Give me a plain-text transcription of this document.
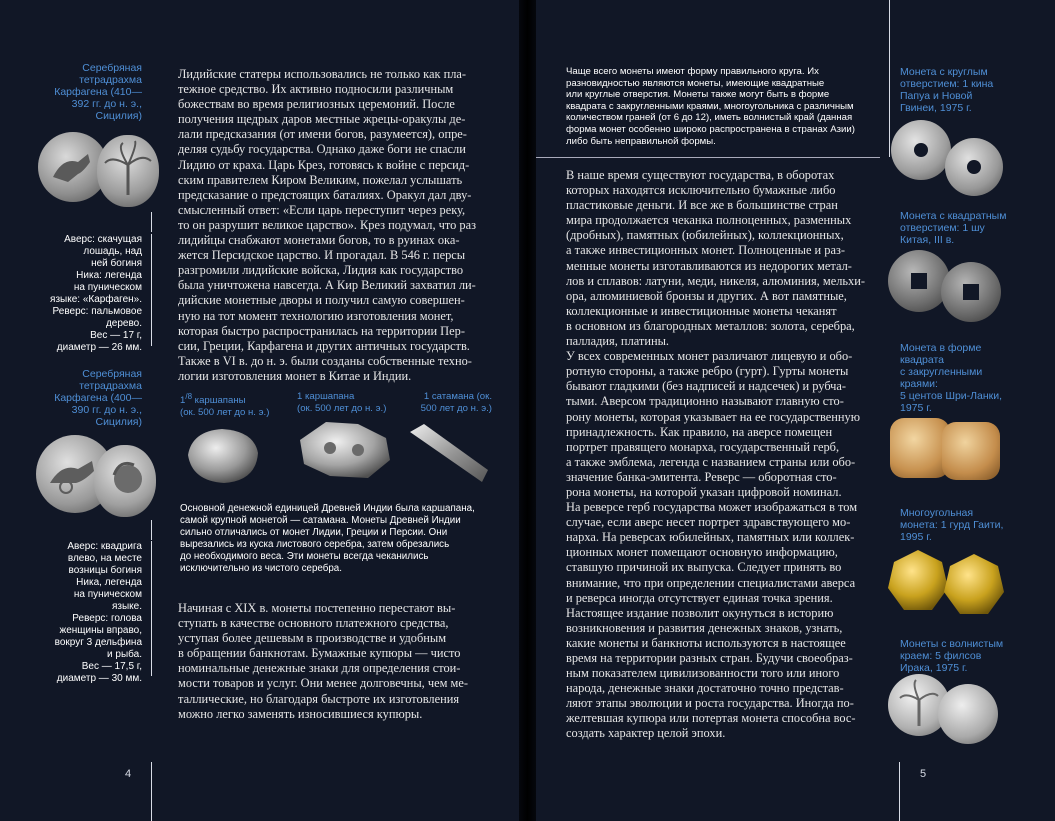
Серебряная
тетрадрахма
Карфагена (410—
392 гг. до н. э.,
Сицилия)
Аверс: скачущая
лошадь, над
ней богиня
Ника: легенда
на пуническом
языке: «Карфаген».
Реверс: пальмовое
дерево.
Вес — 17 г,
диаметр — 26 мм.
Серебряная
тетрадрахма
Карфагена (400—
390 гг. до н. э.,
Сицилия)
Аверс: квадрига
влево, на месте
возницы богиня
Ника, легенда
на пуническом
языке.
Реверс: голова
женщины вправо,
вокруг 3 дельфина
и рыба.
Вес — 17,5 г,
диаметр — 30 мм.

Лидийские статеры использовались не только как пла-

тежное средство. Их активно подносили различным

божествам во время религиозных церемоний. После

получения щедрых даров местные жрецы-оракулы де-

лали предсказания (от имени богов, разумеется), опре-

деляя судьбу государства. Однако даже боги не спасли

Лидию от краха. Царь Крез, готовясь к войне с персид-

ским правителем Киром Великим, пожелал услышать

предсказание о предстоящих баталиях. Оракул дал дву-

смысленный ответ: «Если царь переступит через реку,

то он разрушит великое царство». Крез подумал, что раз

лидийцы снабжают монетами богов, то в руинах ока-

жется Персидское царство. И прогадал. В 546 г. персы

разгромили лидийские войска, Лидия как государство

была уничтожена навсегда. А Кир Великий захватил ли-

дийские монетные дворы и получил самую совершен-

ную на тот момент технологию изготовления монет,

которая быстро распространилась на территории Пер-

сии, Греции, Карфагена и других античных государств.

Также в VI в. до н. э. были созданы собственные техно-

логии изготовления монет в Китае и Индии.

$1^{/8}$ каршапаны
(ок. 500 лет до н. э.)
1 каршапана
(ок. 500 лет до н. э.)
1 сатамана (ок.
500 лет до н. э.)
Основной денежной единицей Древней Индии была каршапана,
самой крупной монетой — сатамана. Монеты Древней Индии
сильно отличались от монет Лидии, Греции и Персии. Они
вырезались из куска листового серебра, затем обрезались
до необходимого веса. Эти монеты всегда чеканились
исключительно из чистого серебра.

Начиная с XIX в. монеты постепенно перестают вы-

ступать в качестве основного платежного средства,

уступая более дешевым в производстве и удобным

в обращении банкнотам. Бумажные купюры — чисто

номинальные денежные знаки для определения стои-

мости товаров и услуг. Они менее долговечны, чем ме-

таллические, но благодаря быстроте их изготовления

можно легко заменять износившиеся купюры.

4
Чаще всего монеты имеют форму правильного круга. Их
разновидностью являются монеты, имеющие квадратные
или круглые отверстия. Монеты также могут быть в форме
квадрата с закругленными краями, многоугольника с различным
количеством граней (от 6 до 12), иметь волнистый край (данная
форма монет особенно широко распространена в странах Азии)
либо быть неправильной формы.

В наше время существуют государства, в оборотах

которых находятся исключительно бумажные либо

пластиковые деньги. И все же в большинстве стран

мира продолжается чеканка полноценных, разменных

(дробных), памятных (юбилейных), коллекционных,

а также инвестиционных монет. Полноценные и раз-

менные монеты изготавливаются из недорогих метал-

лов и сплавов: латуни, меди, никеля, алюминия, мельхи-

ора, алюминиевой бронзы и других. А вот памятные,

коллекционные и инвестиционные монеты чеканят

в основном из благородных металлов: золота, серебра,

палладия, платины.

У всех современных монет различают лицевую и обо-

ротную стороны, а также ребро (гурт). Гурты монеты

бывают гладкими (без надписей и надсечек) и рубча-

тыми. Аверсом традиционно называют главную сто-

рону монеты, которая указывает на ее государственную

принадлежность. Как правило, на аверсе помещен

портрет правящего монарха, государственный герб,

а также эмблема, легенда с названием страны или обо-

значение банка-эмитента. Реверс — оборотная сто-

рона монеты, на которой указан цифровой номинал.

На реверсе герб государства может изображаться в том

случае, если аверс несет портрет здравствующего мо-

нарха. На реверсах юбилейных, памятных или коллек-

ционных монет помещают основную информацию,

ставшую причиной их выпуска. Следует принять во

внимание, что при определении специалистами аверса

и реверса иногда отсутствует единая точка зрения.

Настоящее издание позволит окунуться в историю

возникновения и развития денежных знаков, узнать,

какие монеты и банкноты используются в настоящее

время на территории разных стран. Будучи своеобраз-

ным показателем цивилизованности того или иного

народа, денежные знаки достаточно точно представ-

ляют этапы эволюции и роста государства. Иногда по-

желтевшая купюра или потертая монета способна вос-

создать характер целой эпохи.

Монета с круглым
отверстием: 1 кина
Папуа и Новой
Гвинеи, 1975 г.
Монета с квадратным
отверстием: 1 шу
Китая, III в.
Монета в форме
квадрата
с закругленными
краями:
5 центов Шри-Ланки,
1975 г.
Многоугольная
монета: 1 гурд Гаити,
1995 г.
Монеты с волнистым
краем: 5 филсов
Ирака, 1975 г.
5
